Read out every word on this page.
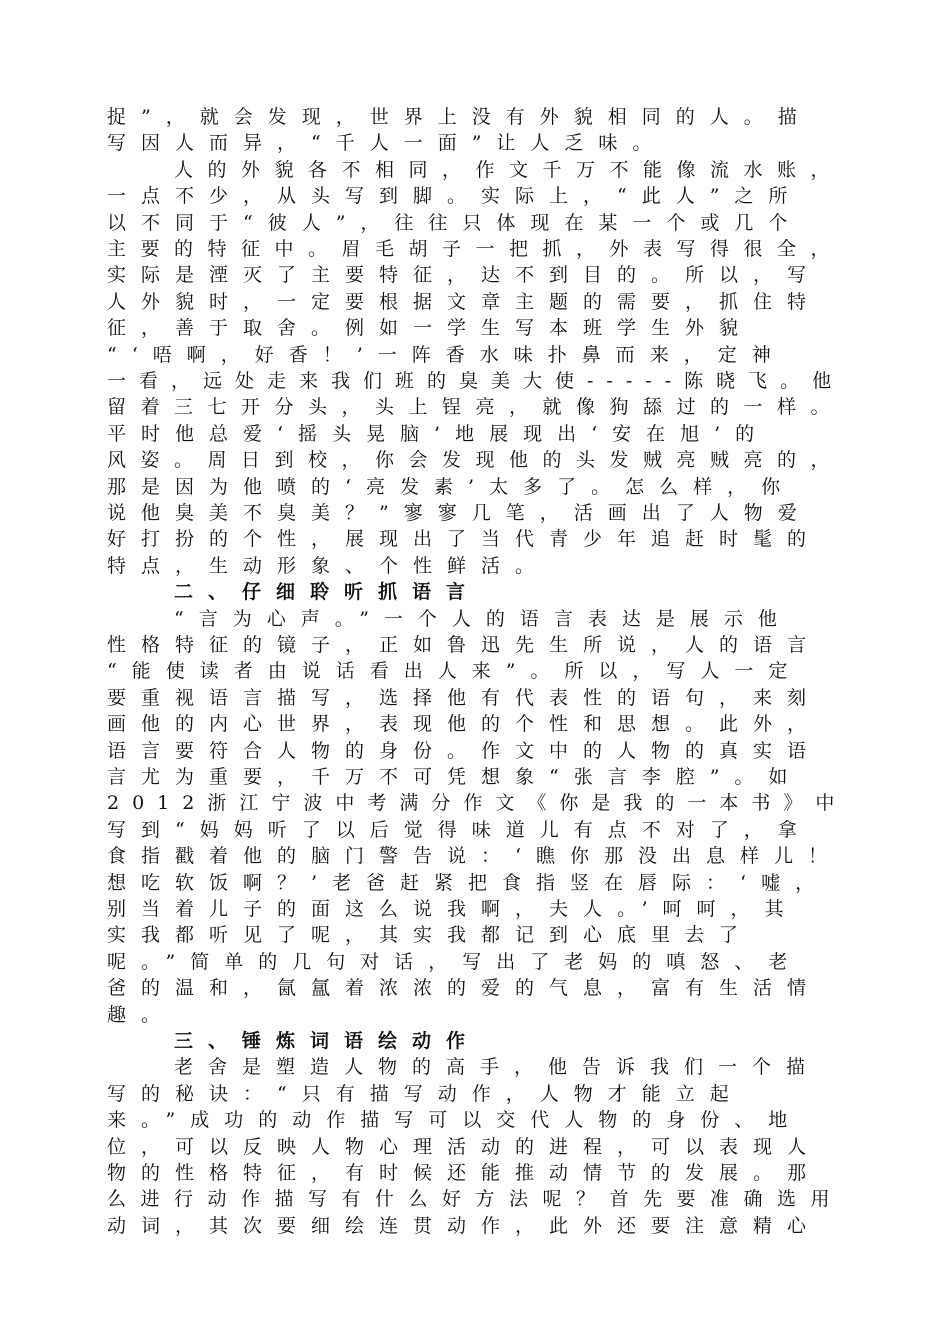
捉”，就会发现，世界上没有外貌相同的人。描
写因人而异，“千人一面”让人乏味。
人的外貌各不相同，作文千万不能像流水账，
一点不少，从头写到脚。实际上，“此人”之所
以不同于“彼人”，往往只体现在某一个或几个
主要的特征中。眉毛胡子一把抓，外表写得很全，
实际是湮灭了主要特征，达不到目的。所以，写
人外貌时，一定要根据文章主题的需要，抓住特
征，善于取舍。例如一学生写本班学生外貌
“‘唔啊，好香！’一阵香水味扑鼻而来，定神
一看，远处走来我们班的臭美大使-----陈晓飞。他
留着三七开分头，头上锃亮，就像狗舔过的一样。
平时他总爱‘摇头晃脑’地展现出‘安在旭’的
风姿。周日到校，你会发现他的头发贼亮贼亮的，
那是因为他喷的‘亮发素’太多了。怎么样，你
说他臭美不臭美？”寥寥几笔，活画出了人物爱
好打扮的个性，展现出了当代青少年追赶时髦的
特点，生动形象、个性鲜活。
二、仔细聆听抓语言
“言为心声。”一个人的语言表达是展示他
性格特征的镜子，正如鲁迅先生所说，人的语言
“能使读者由说话看出人来”。所以，写人一定
要重视语言描写，选择他有代表性的语句，来刻
画他的内心世界，表现他的个性和思想。此外，
语言要符合人物的身份。作文中的人物的真实语
言尤为重要，千万不可凭想象“张言李腔”。如
2012浙江宁波中考满分作文《你是我的一本书》中
写到“妈妈听了以后觉得味道儿有点不对了，拿
食指戳着他的脑门警告说：‘瞧你那没出息样儿！
想吃软饭啊？’老爸赶紧把食指竖在唇际：‘嘘，
别当着儿子的面这么说我啊，夫人。’呵呵，其
实我都听见了呢，其实我都记到心底里去了
呢。”简单的几句对话，写出了老妈的嗔怒、老
爸的温和，氤氲着浓浓的爱的气息，富有生活情
趣。
三、锤炼词语绘动作
老舍是塑造人物的高手，他告诉我们一个描
写的秘诀：“只有描写动作，人物才能立起
来。”成功的动作描写可以交代人物的身份、地
位，可以反映人物心理活动的进程，可以表现人
物的性格特征，有时候还能推动情节的发展。那
么进行动作描写有什么好方法呢？首先要准确选用
动词，其次要细绘连贯动作，此外还要注意精心
